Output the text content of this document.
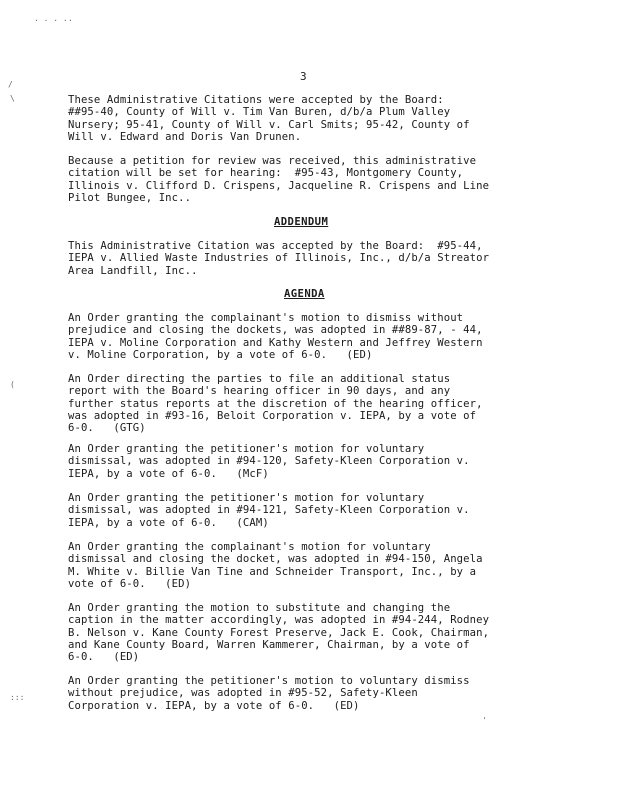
. . . . .
/
\
(
:::
'
3
These Administrative Citations were accepted by the Board:
##95-40, County of Will v. Tim Van Buren, d/b/a Plum Valley
Nursery; 95-41, County of Will v. Carl Smits; 95-42, County of
Will v. Edward and Doris Van Drunen.
Because a petition for review was received, this administrative
citation will be set for hearing:  #95-43, Montgomery County,
Illinois v. Clifford D. Crispens, Jacqueline R. Crispens and Line
Pilot Bungee, Inc..
ADDENDUM
This Administrative Citation was accepted by the Board:  #95-44,
IEPA v. Allied Waste Industries of Illinois, Inc., d/b/a Streator
Area Landfill, Inc..
AGENDA
An Order granting the complainant's motion to dismiss without
prejudice and closing the dockets, was adopted in ##89-87, - 44,
IEPA v. Moline Corporation and Kathy Western and Jeffrey Western
v. Moline Corporation, by a vote of 6-0.   (ED)
An Order directing the parties to file an additional status
report with the Board's hearing officer in 90 days, and any
further status reports at the discretion of the hearing officer,
was adopted in #93-16, Beloit Corporation v. IEPA, by a vote of
6-0.   (GTG)
An Order granting the petitioner's motion for voluntary
dismissal, was adopted in #94-120, Safety-Kleen Corporation v.
IEPA, by a vote of 6-0.   (McF)
An Order granting the petitioner's motion for voluntary
dismissal, was adopted in #94-121, Safety-Kleen Corporation v.
IEPA, by a vote of 6-0.   (CAM)
An Order granting the complainant's motion for voluntary
dismissal and closing the docket, was adopted in #94-150, Angela
M. White v. Billie Van Tine and Schneider Transport, Inc., by a
vote of 6-0.   (ED)
An Order granting the motion to substitute and changing the
caption in the matter accordingly, was adopted in #94-244, Rodney
B. Nelson v. Kane County Forest Preserve, Jack E. Cook, Chairman,
and Kane County Board, Warren Kammerer, Chairman, by a vote of
6-0.   (ED)
An Order granting the petitioner's motion to voluntary dismiss
without prejudice, was adopted in #95-52, Safety-Kleen
Corporation v. IEPA, by a vote of 6-0.   (ED)
